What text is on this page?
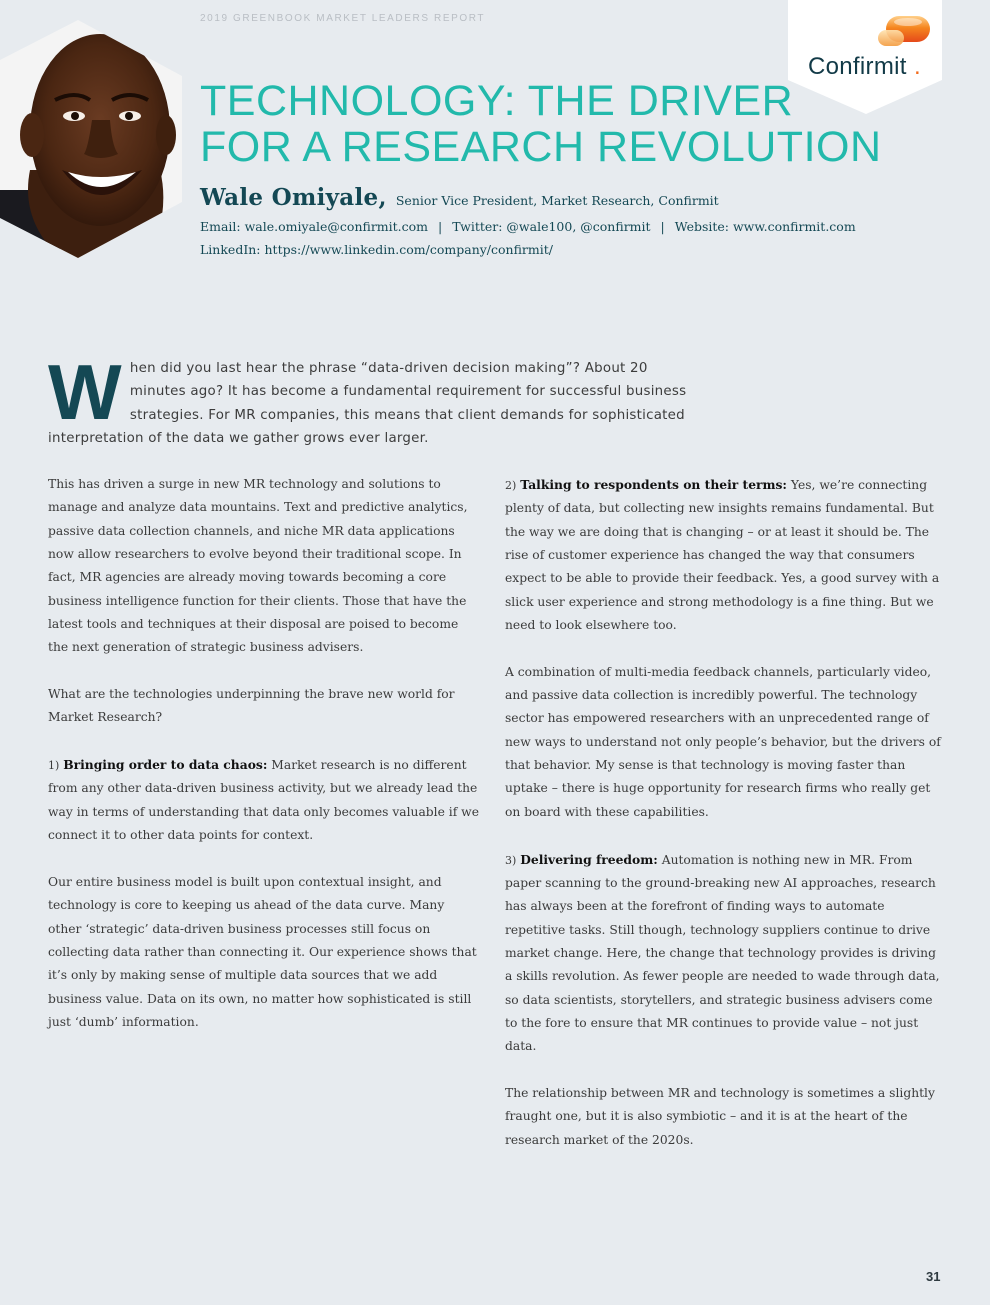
2019 GREENBOOK MARKET LEADERS REPORT
Confirmit .
TECHNOLOGY: THE DRIVER
FOR A RESEARCH REVOLUTION
Wale Omiyale, Senior Vice President, Market Research, Confirmit
Email: wale.omiyale@confirmit.com | Twitter: @wale100, @confirmit | Website: www.confirmit.com
LinkedIn: https://www.linkedin.com/company/confirmit/
W hen did you last hear the phrase “data-driven decision making”? About 20 minutes ago? It has become a fundamental requirement for successful business strategies. For MR companies, this means that client demands for sophisticated interpretation of the data we gather grows ever larger.

This has driven a surge in new MR technology and solutions to manage and analyze data mountains. Text and predictive analytics, passive data collection channels, and niche MR data applications now allow researchers to evolve beyond their traditional scope. In fact, MR agencies are already moving towards becoming a core business intelligence function for their clients. Those that have the latest tools and techniques at their disposal are poised to become the next generation of strategic business advisers.

What are the technologies underpinning the brave new world for Market Research?

1) Bringing order to data chaos: Market research is no different from any other data-driven business activity, but we already lead the way in terms of understanding that data only becomes valuable if we connect it to other data points for context.

Our entire business model is built upon contextual insight, and technology is core to keeping us ahead of the data curve. Many other ‘strategic’ data-driven business processes still focus on collecting data rather than connecting it. Our experience shows that it’s only by making sense of multiple data sources that we add business value. Data on its own, no matter how sophisticated is still just ‘dumb’ information.

2) Talking to respondents on their terms: Yes, we’re connecting plenty of data, but collecting new insights remains fundamental. But the way we are doing that is changing – or at least it should be. The rise of customer experience has changed the way that consumers expect to be able to provide their feedback. Yes, a good survey with a slick user experience and strong methodology is a fine thing. But we need to look elsewhere too.

A combination of multi-media feedback channels, particularly video, and passive data collection is incredibly powerful. The technology sector has empowered researchers with an unprecedented range of new ways to understand not only people’s behavior, but the drivers of that behavior. My sense is that technology is moving faster than uptake – there is huge opportunity for research firms who really get on board with these capabilities.

3) Delivering freedom: Automation is nothing new in MR. From paper scanning to the ground-breaking new AI approaches, research has always been at the forefront of finding ways to automate repetitive tasks. Still though, technology suppliers continue to drive market change. Here, the change that technology provides is driving a skills revolution. As fewer people are needed to wade through data, so data scientists, storytellers, and strategic business advisers come to the fore to ensure that MR continues to provide value – not just data.

The relationship between MR and technology is sometimes a slightly fraught one, but it is also symbiotic – and it is at the heart of the research market of the 2020s.

31
